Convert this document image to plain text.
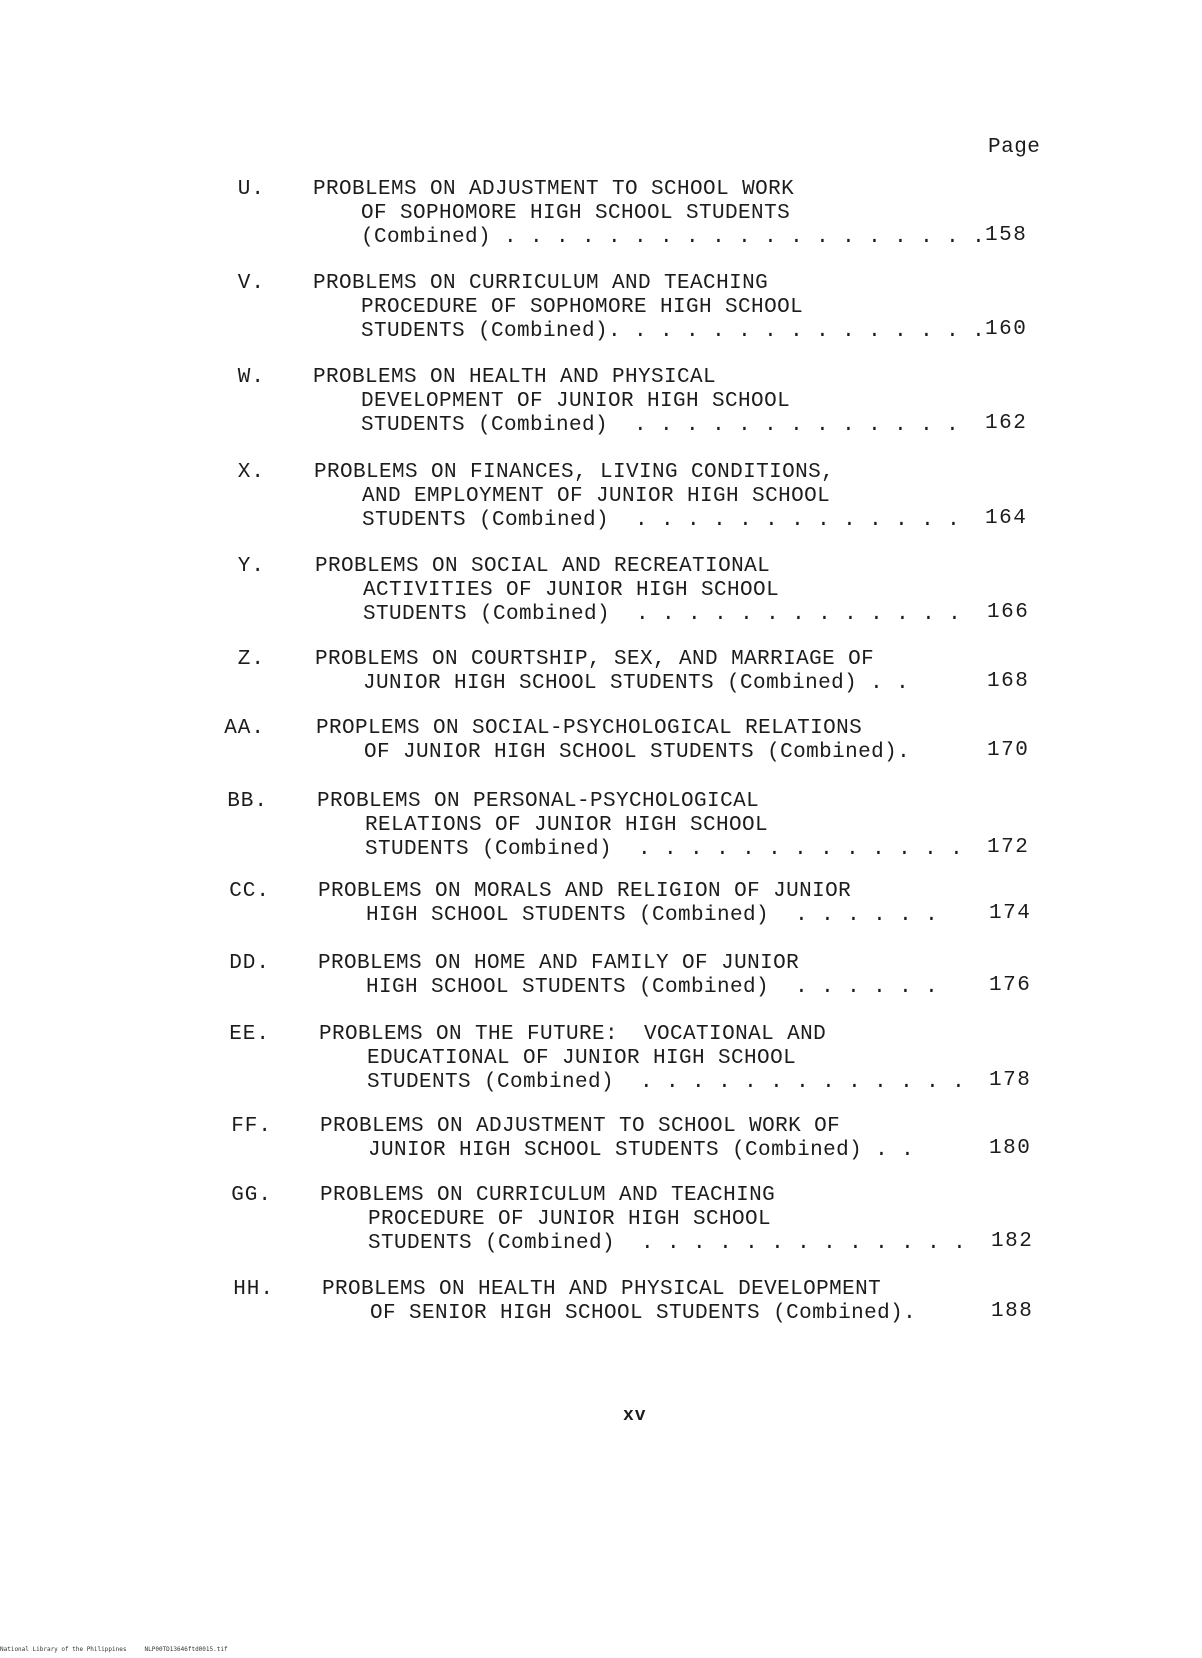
Page
U. PROBLEMS ON ADJUSTMENT TO SCHOOL WORK
OF SOPHOMORE HIGH SCHOOL STUDENTS
(Combined) . . . . . . . . . . . . . . . . . . . 158
V. PROBLEMS ON CURRICULUM AND TEACHING
PROCEDURE OF SOPHOMORE HIGH SCHOOL
STUDENTS (Combined) . . . . . . . . . . . . . . . 160
W. PROBLEMS ON HEALTH AND PHYSICAL
DEVELOPMENT OF JUNIOR HIGH SCHOOL
STUDENTS (Combined) . . . . . . . . . . . . . 162
X. PROBLEMS ON FINANCES, LIVING CONDITIONS,
AND EMPLOYMENT OF JUNIOR HIGH SCHOOL
STUDENTS (Combined) . . . . . . . . . . . . . 164
Y. PROBLEMS ON SOCIAL AND RECREATIONAL
ACTIVITIES OF JUNIOR HIGH SCHOOL
STUDENTS (Combined) . . . . . . . . . . . . . 166
Z. PROBLEMS ON COURTSHIP, SEX, AND MARRIAGE OF
JUNIOR HIGH SCHOOL STUDENTS (Combined) . .	168
AA. PROPLEMS ON SOCIAL-PSYCHOLOGICAL RELATIONS
OF JUNIOR HIGH SCHOOL STUDENTS (Combined) .	170
BB. PROBLEMS ON PERSONAL-PSYCHOLOGICAL
RELATIONS OF JUNIOR HIGH SCHOOL
STUDENTS (Combined) . . . . . . . . . . . . . 172
CC. PROBLEMS ON MORALS AND RELIGION OF JUNIOR
HIGH SCHOOL STUDENTS (Combined) . . . . . . 174
DD. PROBLEMS ON HOME AND FAMILY OF JUNIOR
HIGH SCHOOL STUDENTS (Combined) . . . . . . 176
EE. PROBLEMS ON THE FUTURE:  VOCATIONAL AND
EDUCATIONAL OF JUNIOR HIGH SCHOOL
STUDENTS (Combined) . . . . . . . . . . . . . 178
FF. PROBLEMS ON ADJUSTMENT TO SCHOOL WORK OF
JUNIOR HIGH SCHOOL STUDENTS (Combined) . .	180
GG. PROBLEMS ON CURRICULUM AND TEACHING
PROCEDURE OF JUNIOR HIGH SCHOOL
STUDENTS (Combined) . . . . . . . . . . . . . 182
HH. PROBLEMS ON HEALTH AND PHYSICAL DEVELOPMENT
OF SENIOR HIGH SCHOOL STUDENTS (Combined) .	188
xv
National Library of the Philippines     NLP00TD13646ftd0015.tif
